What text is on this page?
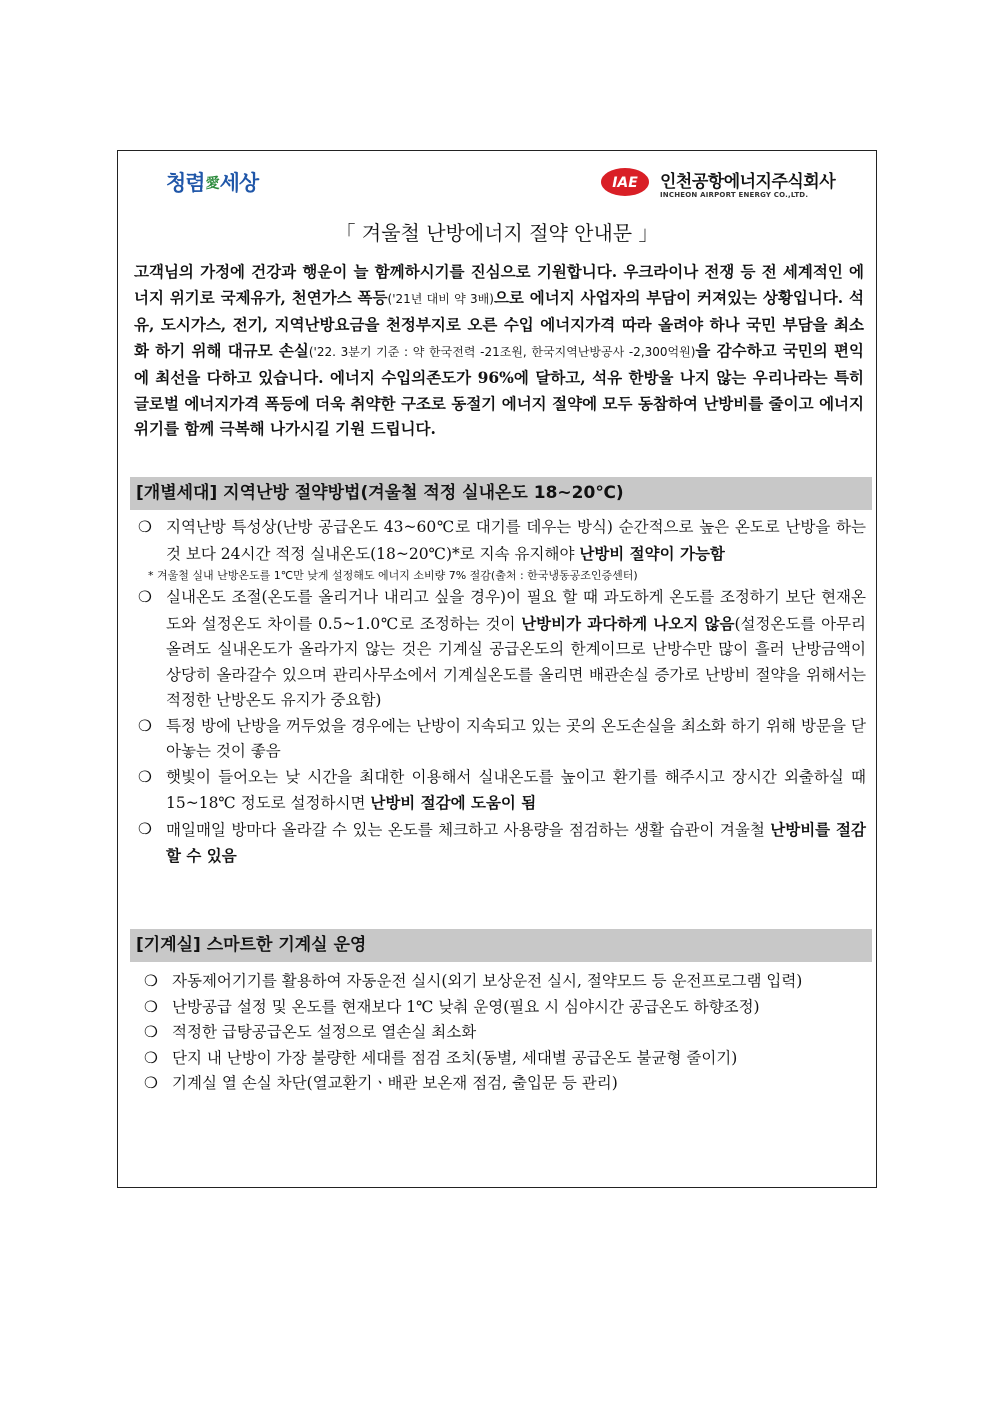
청렴愛세상	IAE 인천공항에너지주식회사
INCHEON AIRPORT ENERGY CO.,LTD.
「 겨울철 난방에너지 절약 안내문 」
고객님의 가정에 건강과 행운이 늘 함께하시기를 진심으로 기원합니다. 우크라이나 전쟁 등 전 세계적인 에너지 위기로 국제유가, 천연가스 폭등('21년 대비 약 3배)으로 에너지 사업자의 부담이 커져있는 상황입니다. 석유, 도시가스, 전기, 지역난방요금을 천정부지로 오른 수입 에너지가격 따라 올려야 하나 국민 부담을 최소화 하기 위해 대규모 손실('22. 3분기 기준 : 약 한국전력 -21조원, 한국지역난방공사 -2,300억원)을 감수하고 국민의 편익에 최선을 다하고 있습니다. 에너지 수입의존도가 96%에 달하고, 석유 한방울 나지 않는 우리나라는 특히 글로벌 에너지가격 폭등에 더욱 취약한 구조로 동절기 에너지 절약에 모두 동참하여 난방비를 줄이고 에너지 위기를 함께 극복해 나가시길 기원 드립니다.
[개별세대] 지역난방 절약방법(겨울철 적정 실내온도 18~20℃)
❍ 지역난방 특성상(난방 공급온도 43~60℃로 대기를 데우는 방식) 순간적으로 높은 온도로 난방을 하는 것 보다 24시간 적정 실내온도(18~20℃)*로 지속 유지해야 난방비 절약이 가능함
* 겨울철 실내 난방온도를 1℃만 낮게 설정해도 에너지 소비량 7% 절감(출처 : 한국냉동공조인증센터)
❍ 실내온도 조절(온도를 올리거나 내리고 싶을 경우)이 필요 할 때 과도하게 온도를 조정하기 보단 현재온도와 설정온도 차이를 0.5~1.0℃로 조정하는 것이 난방비가 과다하게 나오지 않음(설정온도를 아무리 올려도 실내온도가 올라가지 않는 것은 기계실 공급온도의 한계이므로 난방수만 많이 흘러 난방금액이 상당히 올라갈수 있으며 관리사무소에서 기계실온도를 올리면 배관손실 증가로 난방비 절약을 위해서는 적정한 난방온도 유지가 중요함)
❍ 특정 방에 난방을 꺼두었을 경우에는 난방이 지속되고 있는 곳의 온도손실을 최소화 하기 위해 방문을 닫아놓는 것이 좋음
❍ 햇빛이 들어오는 낮 시간을 최대한 이용해서 실내온도를 높이고 환기를 해주시고 장시간 외출하실 때 15~18℃ 정도로 설정하시면 난방비 절감에 도움이 됨
❍ 매일매일 방마다 올라갈 수 있는 온도를 체크하고 사용량을 점검하는 생활 습관이 겨울철 난방비를 절감할 수 있음
[기계실] 스마트한 기계실 운영
❍ 자동제어기기를 활용하여 자동운전 실시(외기 보상운전 실시, 절약모드 등 운전프로그램 입력)
❍ 난방공급 설정 및 온도를 현재보다 1℃ 낮춰 운영(필요 시 심야시간 공급온도 하향조정)
❍ 적정한 급탕공급온도 설정으로 열손실 최소화
❍ 단지 내 난방이 가장 불량한 세대를 점검 조치(동별, 세대별 공급온도 불균형 줄이기)
❍ 기계실 열 손실 차단(열교환기ㆍ배관 보온재 점검, 출입문 등 관리)
